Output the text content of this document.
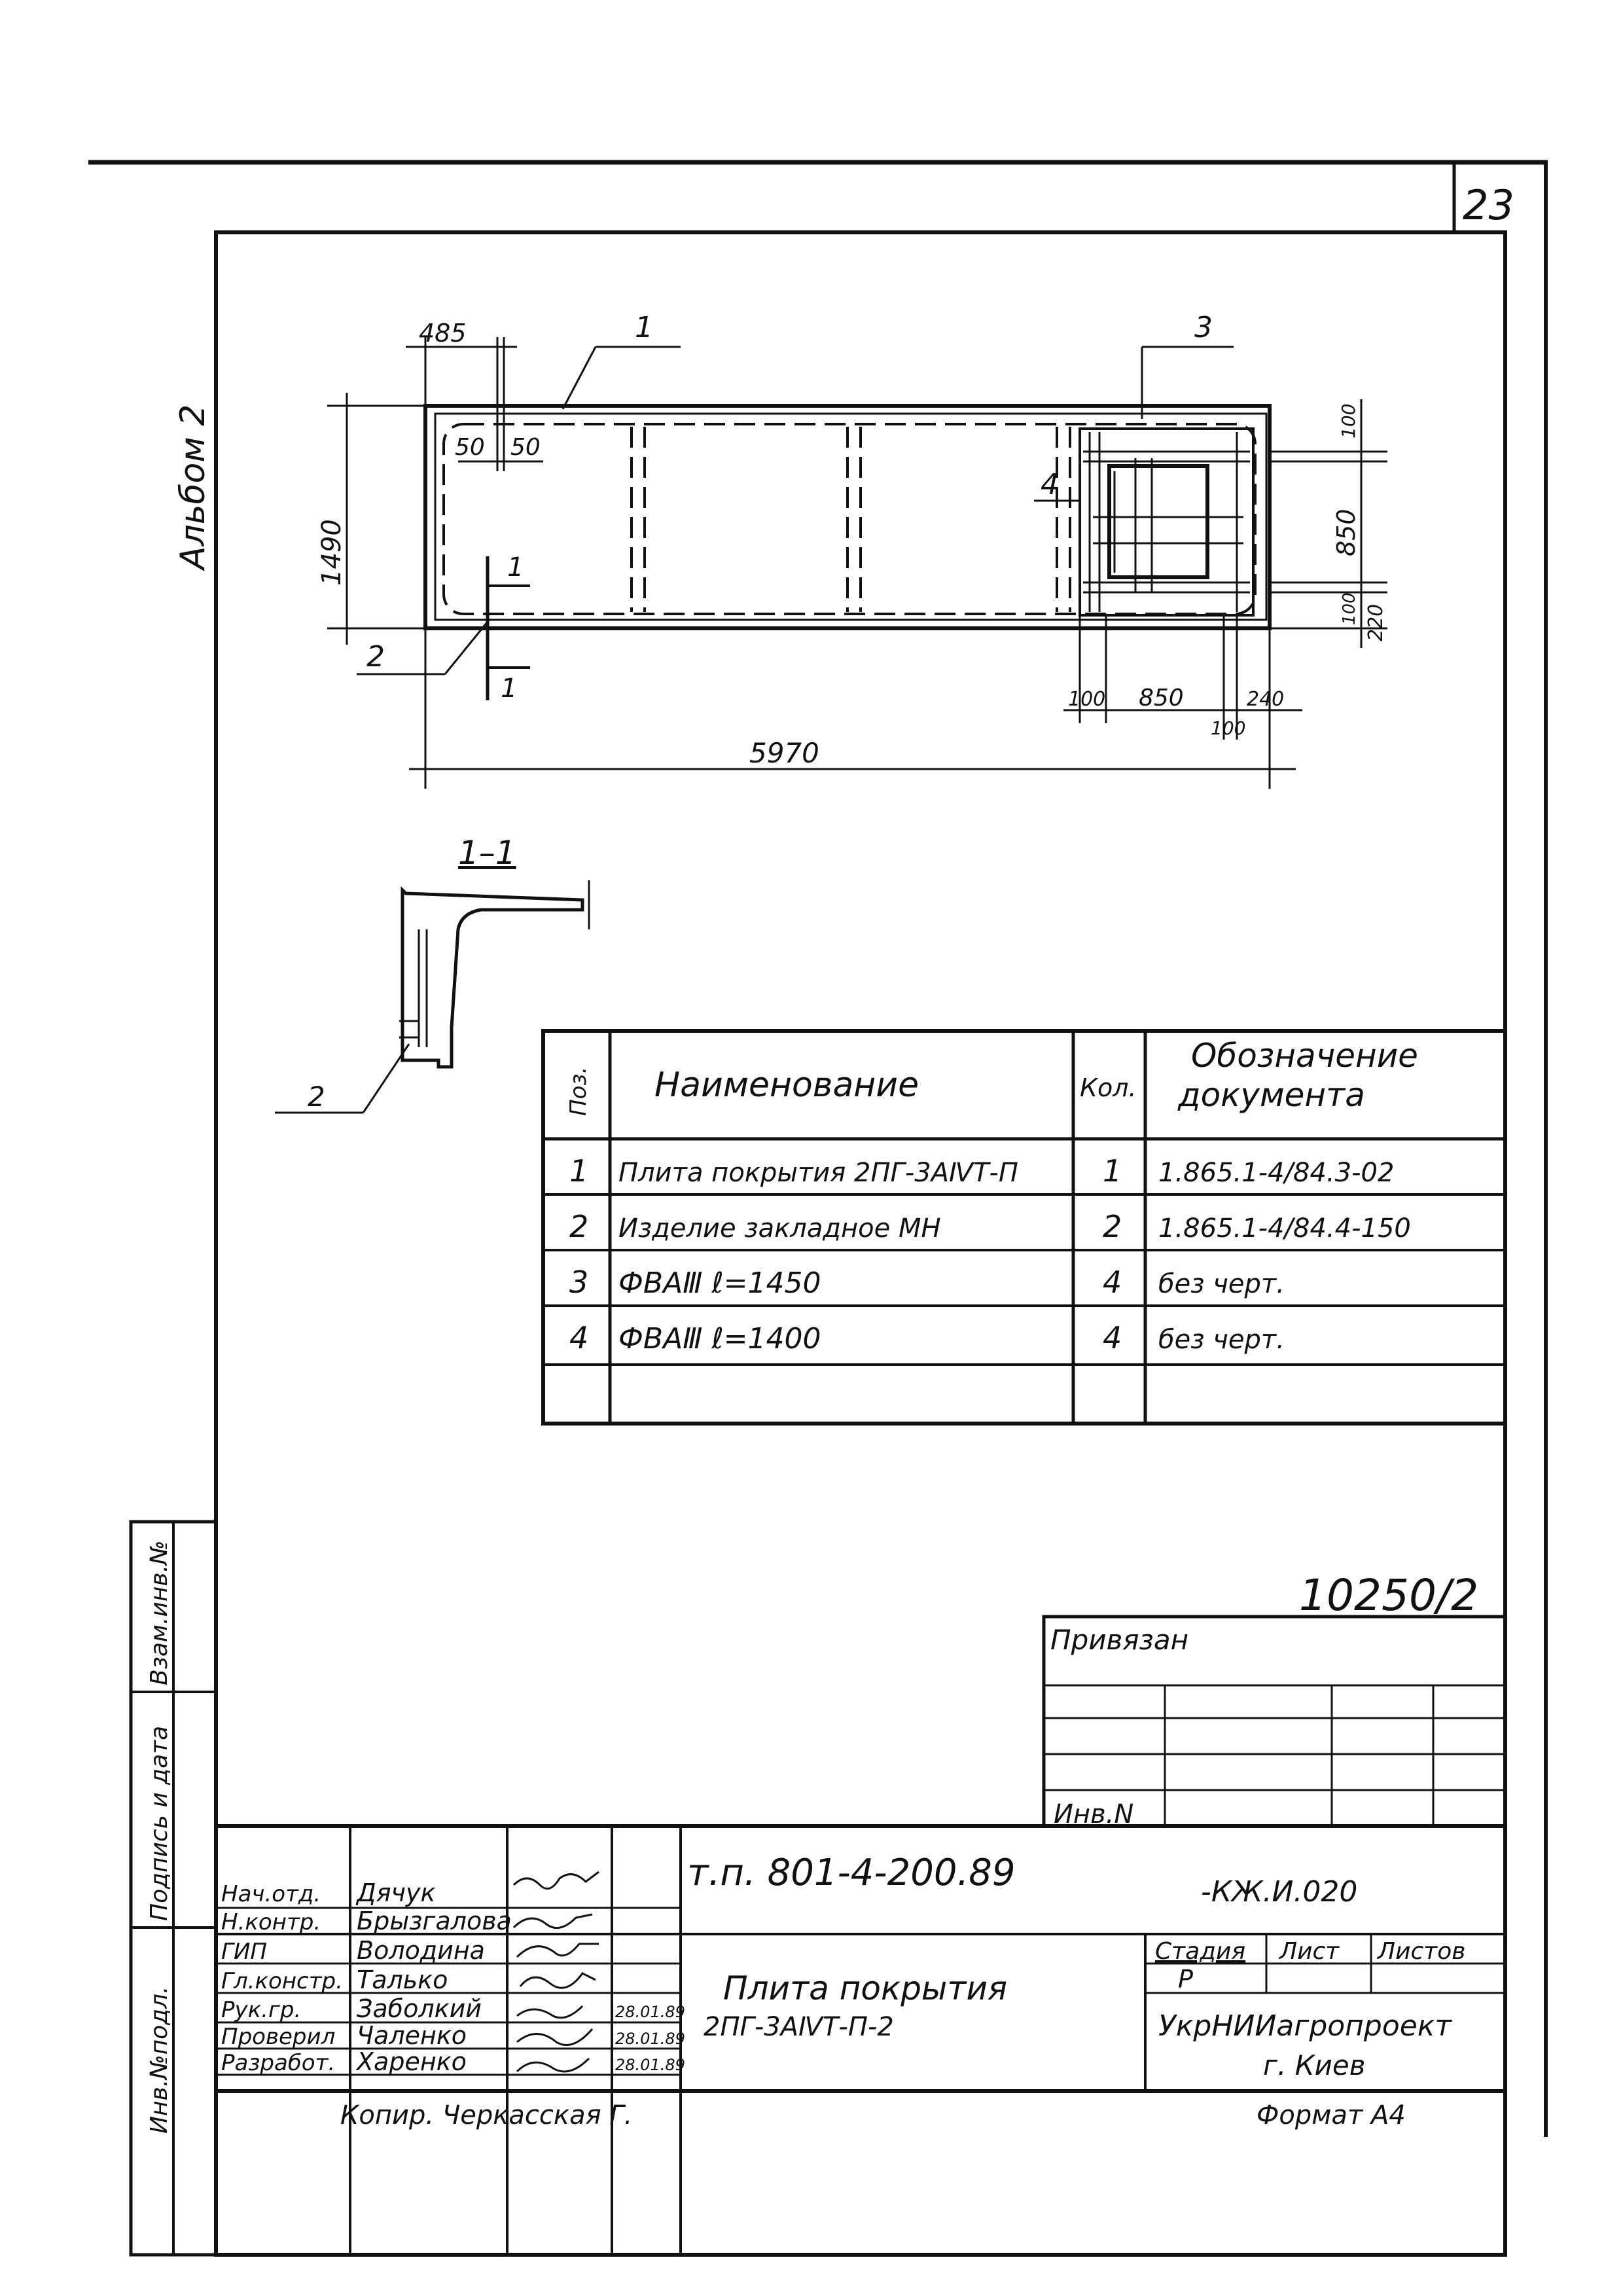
23
Альбом 2
485
50 50
1490
5970
100 850	240
100
100
850
100 220
1	3
4
2
1
1
1–1
2	Поз. Наименование	Кол.
Обозначение документа
1 Плита покрытия 2ПГ-3АⅣТ-П	1 1.865.1-4/84.3-02
2 Изделие закладное МН	2 1.865.1-4/84.4-150
3 ФВАⅢ ℓ=1450	4 без черт.
4 ФВАⅢ ℓ=1400	4 без черт.
10250/2
Привязан
Инв.N
Взам.инв.№
Подпись и дата
Инв.№подл.
т.п. 801-4-200.89	-КЖ.И.020
Плита покрытия
2ПГ-3АⅣТ-П-2
Стадия Лист Листов
Р
УкрНИИагропроект
г. Киев
Нач.отд. Дячук
Н.контр. Брызгалова
ГИП	Володина
Гл.констр. Талько
Рук.гр. Заболкий	28.01.89
Проверил Чаленко	28.01.89
Разработ. Харенко	28.01.89
Копир. Черкасская Г.	Формат А4
